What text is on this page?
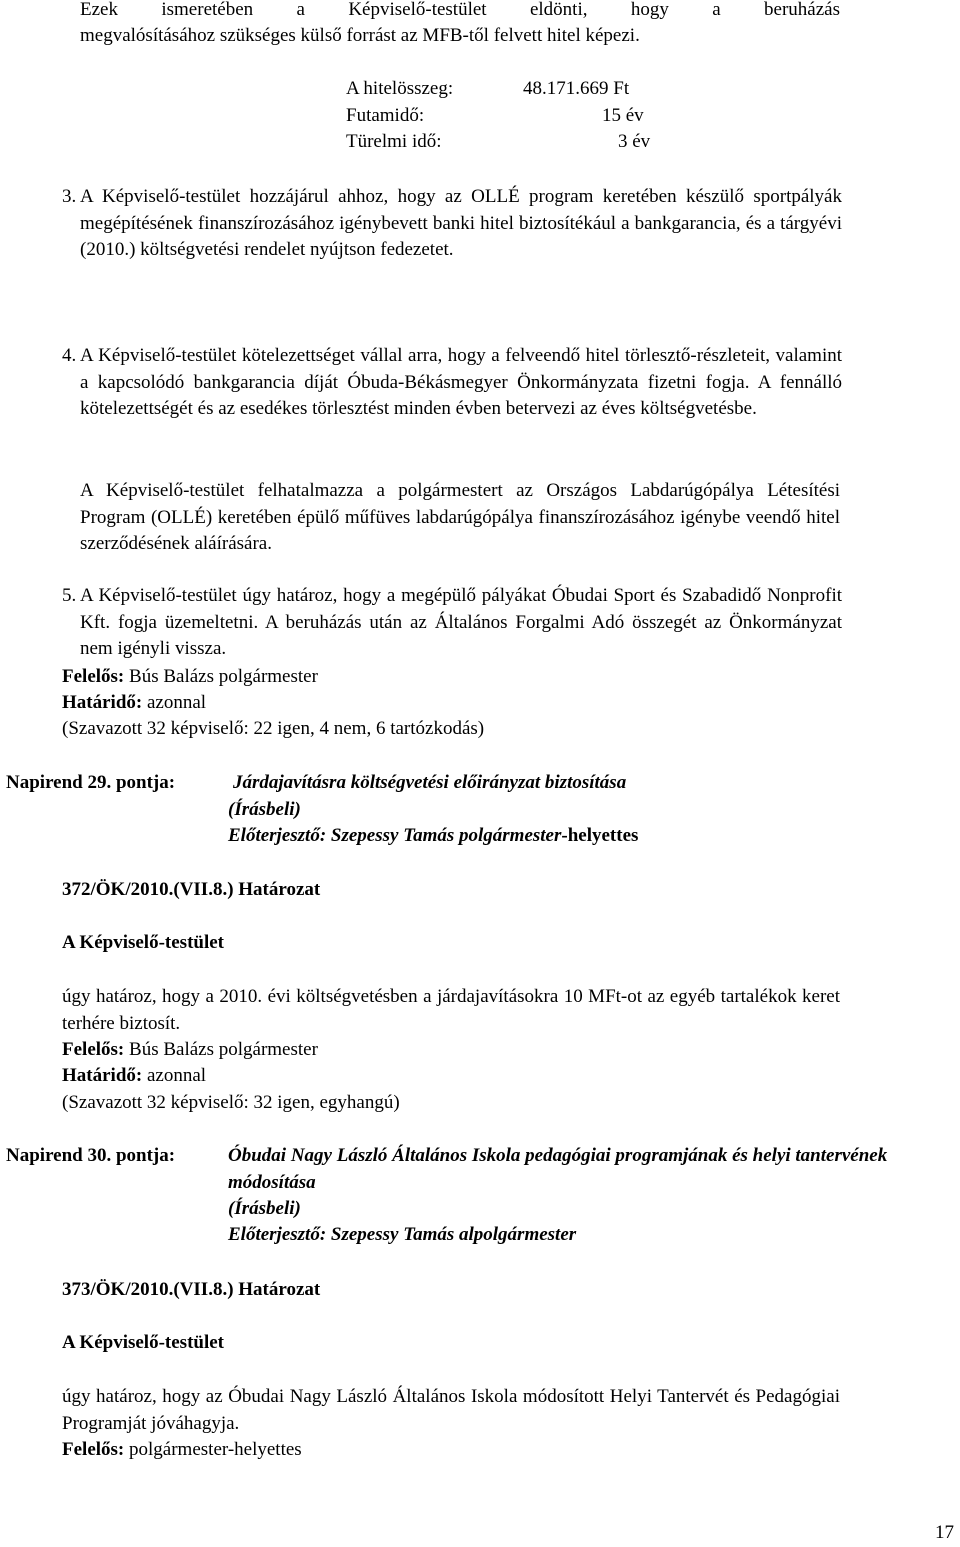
Ezek ismeretében a Képviselő-testület eldönti, hogy a beruházás
megvalósításához szükséges külső forrást az MFB-től felvett hitel képezi.
A hitelösszeg:	48.171.669 Ft
Futamidő:	15 év
Türelmi idő:	3 év
3. A Képviselő-testület hozzájárul ahhoz, hogy az OLLÉ program keretében készülő sportpályák megépítésének finanszírozásához igénybevett banki hitel biztosítékául a bankgarancia, és a tárgyévi (2010.) költségvetési rendelet nyújtson fedezetet.
4. A Képviselő-testület kötelezettséget vállal arra, hogy a felveendő hitel törlesztő-részleteit, valamint a kapcsolódó bankgarancia díját Óbuda-Békásmegyer Önkormányzata fizetni fogja. A fennálló kötelezettségét és az esedékes törlesztést minden évben betervezi az éves költségvetésbe.
A Képviselő-testület felhatalmazza a polgármestert az Országos Labdarúgópálya Létesítési Program (OLLÉ) keretében épülő műfüves labdarúgópálya finanszírozásához igénybe veendő hitel szerződésének aláírására.
5. A Képviselő-testület úgy határoz, hogy a megépülő pályákat Óbudai Sport és Szabadidő Nonprofit Kft. fogja üzemeltetni. A beruházás után az Általános Forgalmi Adó összegét az Önkormányzat nem igényli vissza.
Felelős: Bús Balázs polgármester
Határidő: azonnal
(Szavazott 32 képviselő: 22 igen, 4 nem, 6 tartózkodás)
Napirend 29. pontja:	Járdajavításra költségvetési előirányzat biztosítása
(Írásbeli)
Előterjesztő: Szepessy Tamás polgármester-helyettes
372/ÖK/2010.(VII.8.) Határozat
A Képviselő-testület
úgy határoz, hogy a 2010. évi költségvetésben a járdajavításokra 10 MFt-ot az egyéb tartalékok keret terhére biztosít.
Felelős: Bús Balázs polgármester
Határidő: azonnal
(Szavazott 32 képviselő: 32 igen, egyhangú)
Napirend 30. pontja:	Óbudai Nagy László Általános Iskola pedagógiai programjának és helyi tantervének módosítása
(Írásbeli)
Előterjesztő: Szepessy Tamás alpolgármester
373/ÖK/2010.(VII.8.) Határozat
A Képviselő-testület
úgy határoz, hogy az Óbudai Nagy László Általános Iskola módosított Helyi Tantervét és Pedagógiai Programját jóváhagyja.
Felelős: polgármester-helyettes
17
